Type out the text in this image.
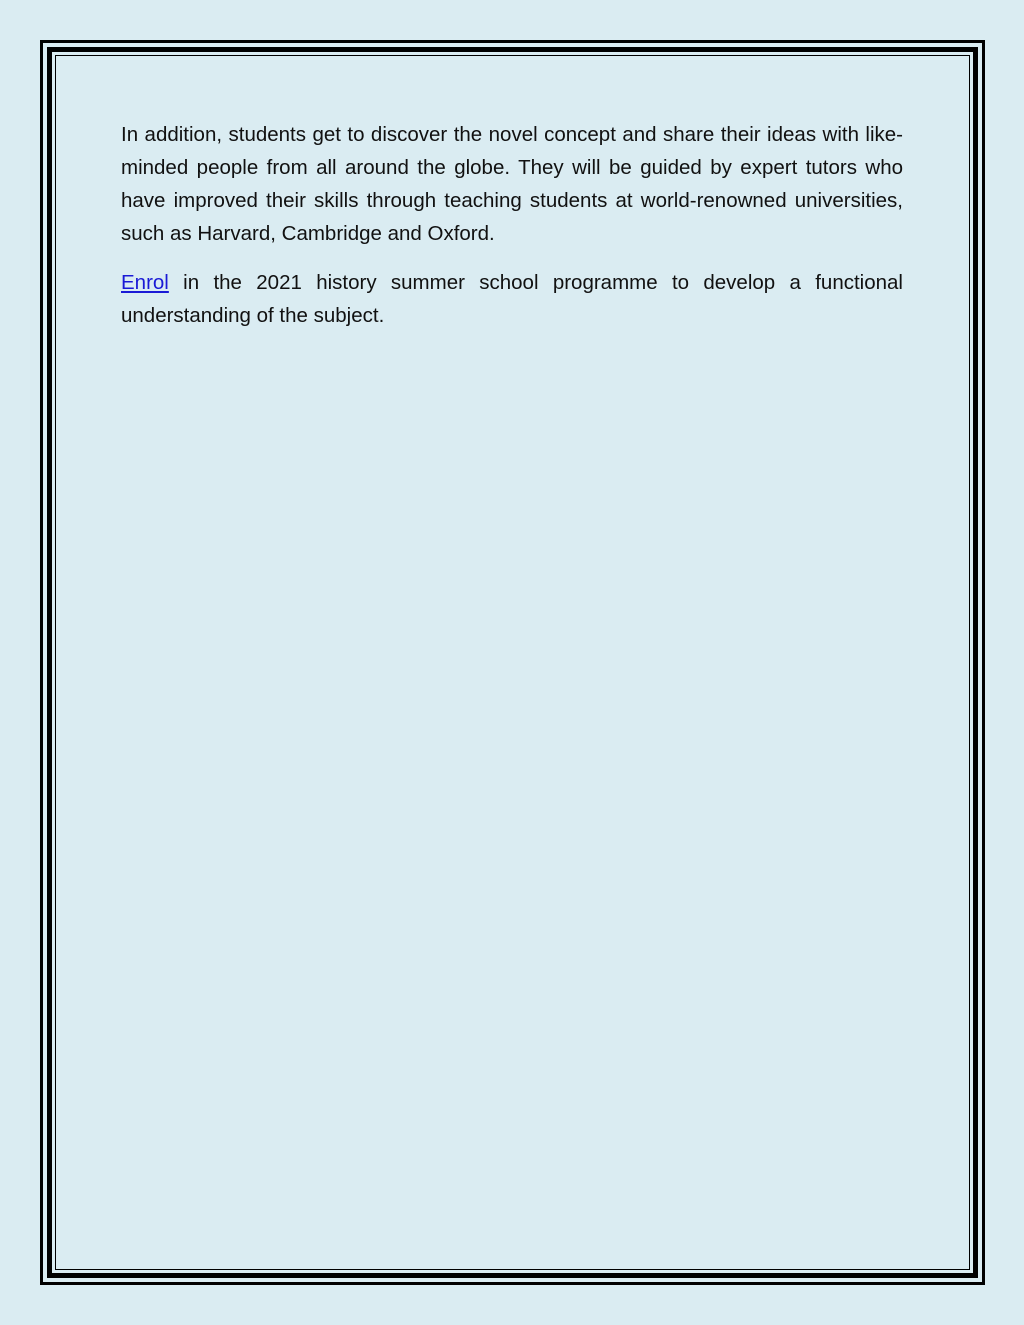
In addition, students get to discover the novel concept and share their ideas with like-minded people from all around the globe. They will be guided by expert tutors who have improved their skills through teaching students at world-renowned universities, such as Harvard, Cambridge and Oxford.

Enrol in the 2021 history summer school programme to develop a functional understanding of the subject.
